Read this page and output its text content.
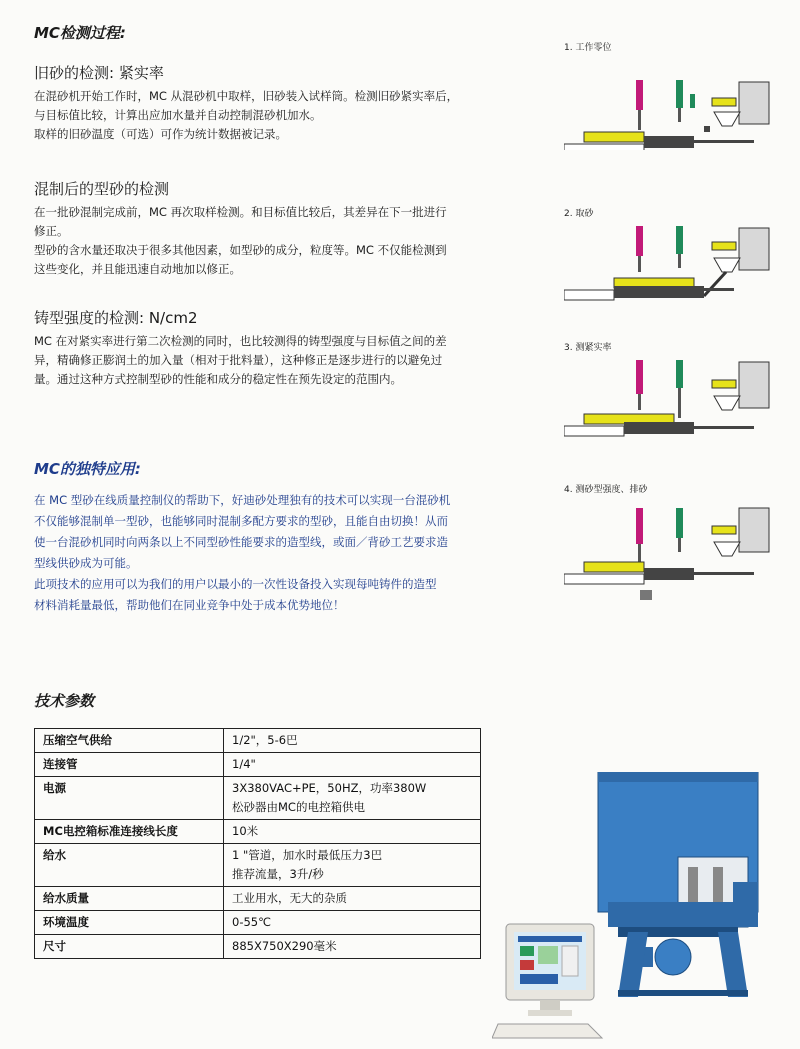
MC检测过程:
旧砂的检测: 紧实率

在混砂机开始工作时，MC 从混砂机中取样，旧砂装入试样筒。检测旧砂紧实率后，

与目标值比较，计算出应加水量并自动控制混砂机加水。

取样的旧砂温度（可选）可作为统计数据被记录。

混制后的型砂的检测

在一批砂混制完成前，MC 再次取样检测。和目标值比较后，其差异在下一批进行

修正。

型砂的含水量还取决于很多其他因素，如型砂的成分，粒度等。MC 不仅能检测到

这些变化，并且能迅速自动地加以修正。

铸型强度的检测: N/cm2

MC 在对紧实率进行第二次检测的同时，也比较测得的铸型强度与目标值之间的差

异，精确修正膨润土的加入量（相对于批料量），这种修正是逐步进行的以避免过

量。通过这种方式控制型砂的性能和成分的稳定性在预先设定的范围内。

MC的独特应用:

在 MC 型砂在线质量控制仪的帮助下，好迪砂处理独有的技术可以实现一台混砂机

不仅能够混制单一型砂，也能够同时混制多配方要求的型砂，且能自由切换！从而

使一台混砂机同时向两条以上不同型砂性能要求的造型线，或面／背砂工艺要求造

型线供砂成为可能。

此项技术的应用可以为我们的用户以最小的一次性设备投入实现每吨铸件的造型

材料消耗量最低，帮助他们在同业竞争中处于成本优势地位！

1. 工作零位
2. 取砂
3. 测紧实率
4. 测砂型强度、排砂
技术参数
压缩空气供给	1/2"，5-6巴

连接管	1/4"

电源	3X380VAC+PE，50HZ，功率380W
松砂器由MC的电控箱供电

MC电控箱标准连接线长度	10米

给水	1 "管道，加水时最低压力3巴
推荐流量，3升/秒

给水质量	工业用水，无大的杂质

环境温度	0-55℃

尺寸	885X750X290毫米
